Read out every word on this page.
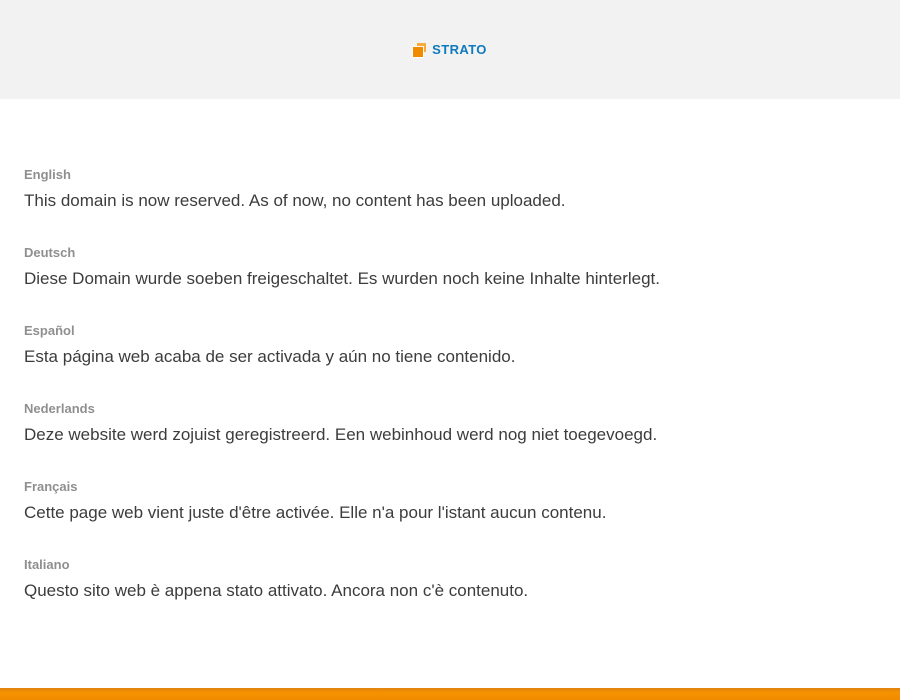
STRATO

English

This domain is now reserved. As of now, no content has been uploaded.

Deutsch

Diese Domain wurde soeben freigeschaltet. Es wurden noch keine Inhalte hinterlegt.

Español

Esta página web acaba de ser activada y aún no tiene contenido.

Nederlands

Deze website werd zojuist geregistreerd. Een webinhoud werd nog niet toegevoegd.

Français

Cette page web vient juste d'être activée. Elle n'a pour l'istant aucun contenu.

Italiano

Questo sito web è appena stato attivato. Ancora non c'è contenuto.
